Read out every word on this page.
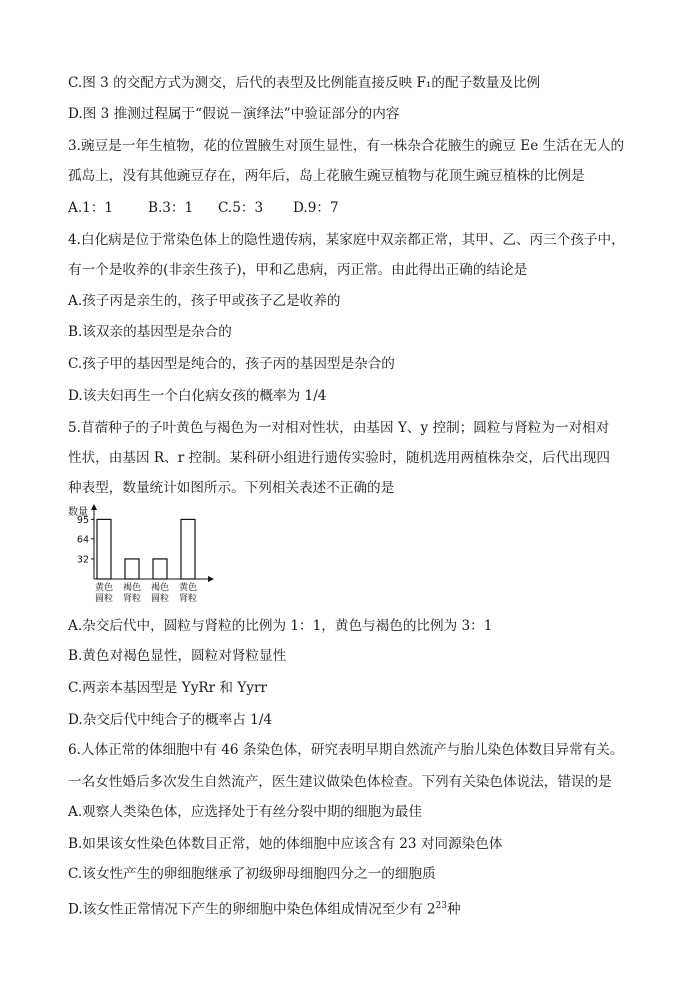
C.图 3 的交配方式为测交，后代的表型及比例能直接反映 F₁的配子数量及比例
D.图 3 推测过程属于“假说－演绎法”中验证部分的内容
3.豌豆是一年生植物，花的位置腋生对顶生显性，有一株杂合花腋生的豌豆 Ee 生活在无人的
孤岛上，没有其他豌豆存在，两年后，岛上花腋生豌豆植物与花顶生豌豆植株的比例是
A.1：1	B.3：1	C.5：3	D.9：7
4.白化病是位于常染色体上的隐性遗传病，某家庭中双亲都正常，其甲、乙、丙三个孩子中，
有一个是收养的(非亲生孩子)，甲和乙患病，丙正常。由此得出正确的结论是
A.孩子丙是亲生的，孩子甲或孩子乙是收养的
B.该双亲的基因型是杂合的
C.孩子甲的基因型是纯合的，孩子丙的基因型是杂合的
D.该夫妇再生一个白化病女孩的概率为 1/4
5.苜蓿种子的子叶黄色与褐色为一对相对性状，由基因 Y、y 控制；圆粒与肾粒为一对相对
性状，由基因 R、r 控制。某科研小组进行遗传实验时，随机选用两植株杂交，后代出现四
种表型，数量统计如图所示。下列相关表述不正确的是
数量
32
64
95
黄色
圆粒
褐色
肾粒
褐色
圆粒
黄色
肾粒
A.杂交后代中，圆粒与肾粒的比例为 1：1，黄色与褐色的比例为 3：1
B.黄色对褐色显性，圆粒对肾粒显性
C.两亲本基因型是 YyRr 和 Yyrr
D.杂交后代中纯合子的概率占 1/4
6.人体正常的体细胞中有 46 条染色体，研究表明早期自然流产与胎儿染色体数目异常有关。
一名女性婚后多次发生自然流产，医生建议做染色体检查。下列有关染色体说法，错误的是
A.观察人类染色体，应选择处于有丝分裂中期的细胞为最佳
B.如果该女性染色体数目正常，她的体细胞中应该含有 23 对同源染色体
C.该女性产生的卵细胞继承了初级卵母细胞四分之一的细胞质
D.该女性正常情况下产生的卵细胞中染色体组成情况至少有 $2^{23}$种
